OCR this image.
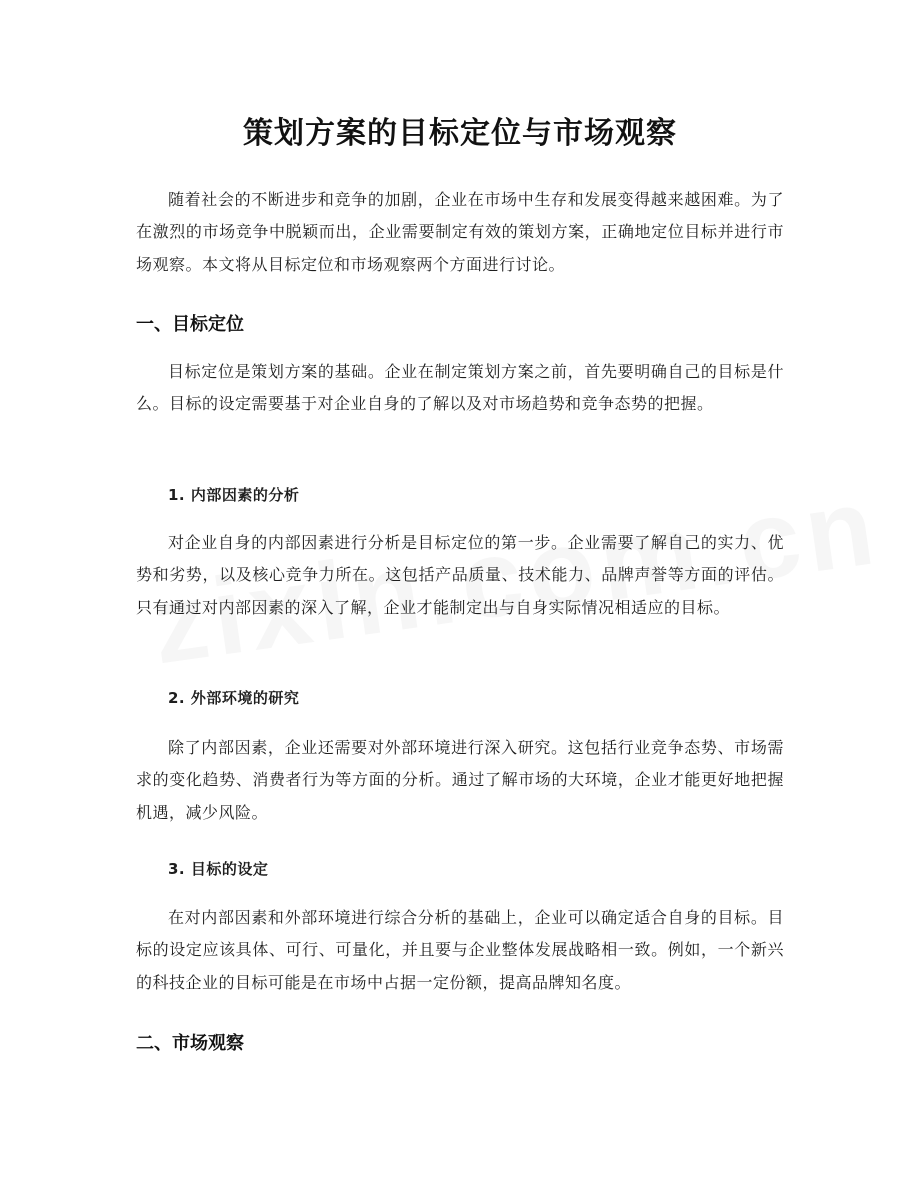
策划方案的目标定位与市场观察

随着社会的不断进步和竞争的加剧，企业在市场中生存和发展变得越来越困难。为了在激烈的市场竞争中脱颖而出，企业需要制定有效的策划方案，正确地定位目标并进行市场观察。本文将从目标定位和市场观察两个方面进行讨论。

一、目标定位

目标定位是策划方案的基础。企业在制定策划方案之前，首先要明确自己的目标是什么。目标的设定需要基于对企业自身的了解以及对市场趋势和竞争态势的把握。

1. 内部因素的分析

对企业自身的内部因素进行分析是目标定位的第一步。企业需要了解自己的实力、优势和劣势，以及核心竞争力所在。这包括产品质量、技术能力、品牌声誉等方面的评估。只有通过对内部因素的深入了解，企业才能制定出与自身实际情况相适应的目标。

2. 外部环境的研究

除了内部因素，企业还需要对外部环境进行深入研究。这包括行业竞争态势、市场需求的变化趋势、消费者行为等方面的分析。通过了解市场的大环境，企业才能更好地把握机遇，减少风险。

3. 目标的设定

在对内部因素和外部环境进行综合分析的基础上，企业可以确定适合自身的目标。目标的设定应该具体、可行、可量化，并且要与企业整体发展战略相一致。例如，一个新兴的科技企业的目标可能是在市场中占据一定份额，提高品牌知名度。

二、市场观察
